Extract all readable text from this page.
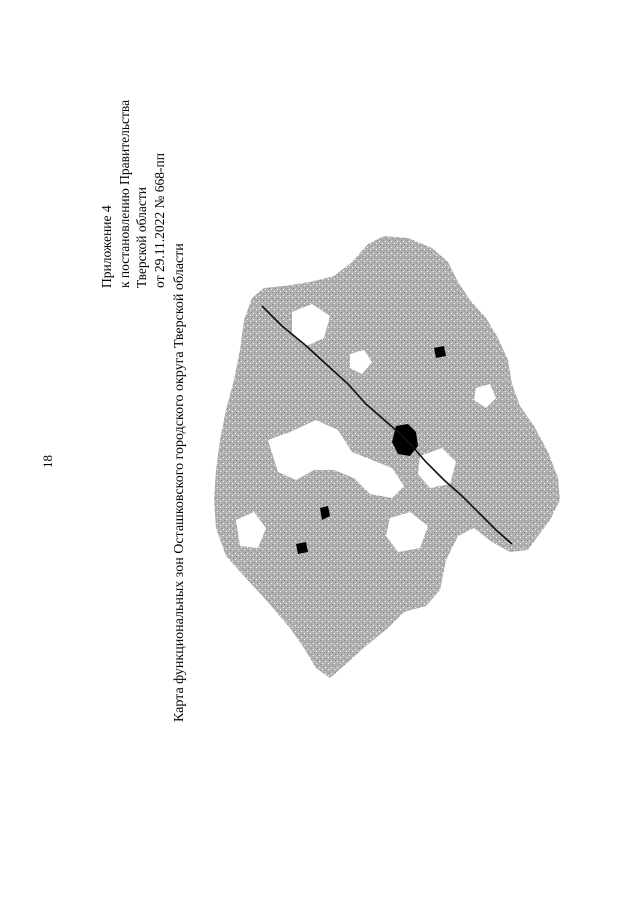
18
Приложение 4 к постановлению Правительства Тверской области от 29.11.2022 № 668-пп
Карта функциональных зон Осташковского городского округа Тверской области
